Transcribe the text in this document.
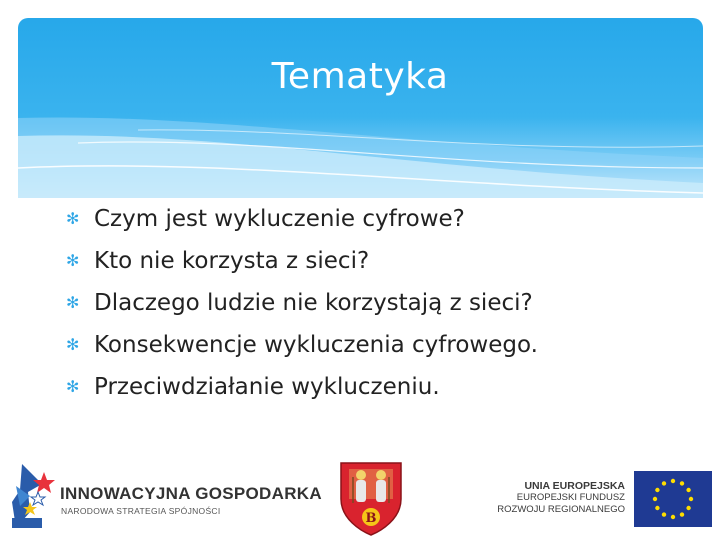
Tematyka
✻ Czym jest wykluczenie cyfrowe?
✻ Kto nie korzysta z sieci?
✻ Dlaczego ludzie nie korzystają z sieci?
✻ Konsekwencje wykluczenia cyfrowego.
✻ Przeciwdziałanie wykluczeniu.
INNOWACYJNA GOSPODARKA
NARODOWA STRATEGIA SPÓJNOŚCI	B
UNIA EUROPEJSKA
EUROPEJSKI FUNDUSZ
ROZWOJU REGIONALNEGO
